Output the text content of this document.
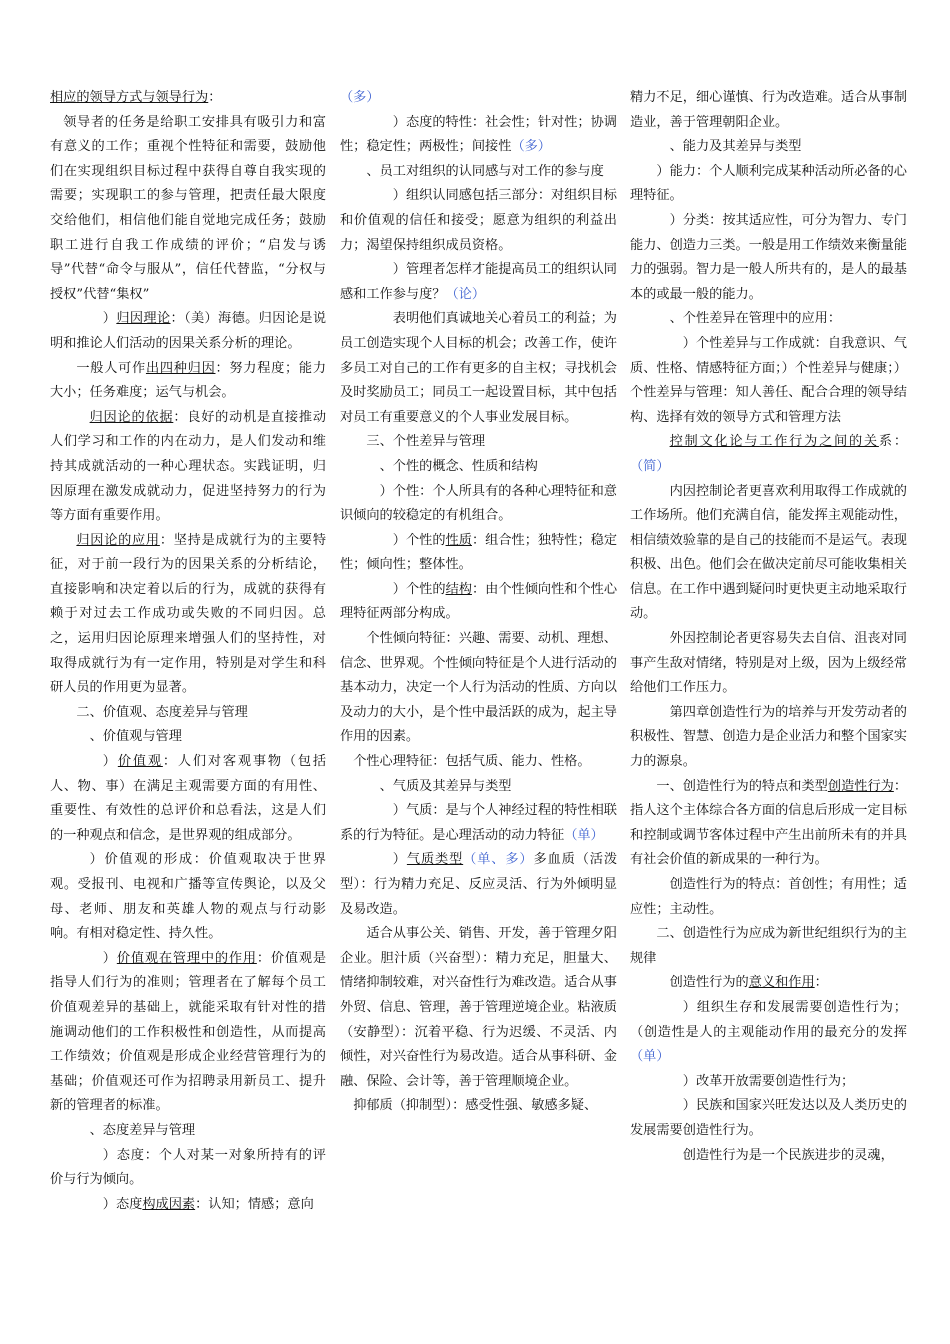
相应的领导方式与领导行为：

领导者的任务是给职工安排具有吸引力和富有意义的工作；重视个性特征和需要，鼓励他们在实现组织目标过程中获得自尊自我实现的需要；实现职工的参与管理，把责任最大限度交给他们，相信他们能自觉地完成任务；鼓励职工进行自我工作成绩的评价；“启发与诱导”代替“命令与服从”，信任代替监，“分权与授权”代替“集权”

）归因理论：（美）海德。归因论是说明和推论人们活动的因果关系分析的理论。

一般人可作出四种归因：努力程度；能力大小；任务难度；运气与机会。

归因论的依据：良好的动机是直接推动人们学习和工作的内在动力，是人们发动和维持其成就活动的一种心理状态。实践证明，归因原理在激发成就动力，促进坚持努力的行为等方面有重要作用。

归因论的应用：坚持是成就行为的主要特征，对于前一段行为的因果关系的分析结论，直接影响和决定着以后的行为，成就的获得有赖于对过去工作成功或失败的不同归因。总之，运用归因论原理来增强人们的坚持性，对取得成就行为有一定作用，特别是对学生和科研人员的作用更为显著。

二、价值观、态度差异与管理

、价值观与管理

）价值观：人们对客观事物（包括人、物、事）在满足主观需要方面的有用性、重要性、有效性的总评价和总看法，这是人们的一种观点和信念，是世界观的组成部分。

）价值观的形成：价值观取决于世界观。受报刊、电视和广播等宣传舆论，以及父母、老师、朋友和英雄人物的观点与行动影响。有相对稳定性、持久性。

）价值观在管理中的作用：价值观是指导人们行为的准则；管理者在了解每个员工价值观差异的基础上，就能采取有针对性的措施调动他们的工作积极性和创造性，从而提高工作绩效；价值观是形成企业经营管理行为的基础；价值观还可作为招聘录用新员工、提升新的管理者的标准。

、态度差异与管理

）态度：个人对某一对象所持有的评价与行为倾向。

）态度构成因素：认知；情感；意向

（多）

）态度的特性：社会性；针对性；协调性；稳定性；两极性；间接性（多）

、员工对组织的认同感与对工作的参与度

）组织认同感包括三部分：对组织目标和价值观的信任和接受；愿意为组织的利益出力；渴望保持组织成员资格。

）管理者怎样才能提高员工的组织认同感和工作参与度？（论）

表明他们真诚地关心着员工的利益；为员工创造实现个人目标的机会；改善工作，使许多员工对自己的工作有更多的自主权；寻找机会及时奖励员工；同员工一起设置目标，其中包括对员工有重要意义的个人事业发展目标。

三、个性差异与管理

、个性的概念、性质和结构

）个性：个人所具有的各种心理特征和意识倾向的较稳定的有机组合。

）个性的性质：组合性；独特性；稳定性；倾向性；整体性。

）个性的结构：由个性倾向性和个性心理特征两部分构成。

个性倾向特征：兴趣、需要、动机、理想、信念、世界观。个性倾向特征是个人进行活动的基本动力，决定一个人行为活动的性质、方向以及动力的大小，是个性中最活跃的成为，起主导作用的因素。

个性心理特征：包括气质、能力、性格。

、气质及其差异与类型

）气质：是与个人神经过程的特性相联系的行为特征。是心理活动的动力特征（单）

）气质类型（单、多）多血质（活泼型）：行为精力充足、反应灵活、行为外倾明显及易改造。

适合从事公关、销售、开发，善于管理夕阳企业。胆汁质（兴奋型）：精力充足，胆量大、情绪抑制较难，对兴奋性行为难改造。适合从事外贸、信息、管理，善于管理逆境企业。粘液质（安静型）：沉着平稳、行为迟缓、不灵活、内倾性，对兴奋性行为易改造。适合从事科研、金融、保险、会计等，善于管理顺境企业。

抑郁质（抑制型）：感受性强、敏感多疑、

精力不足，细心谨慎、行为改造难。适合从事制造业，善于管理朝阳企业。

、能力及其差异与类型

）能力：个人顺利完成某种活动所必备的心理特征。

）分类：按其适应性，可分为智力、专门能力、创造力三类。一般是用工作绩效来衡量能力的强弱。智力是一般人所共有的，是人的最基本的或最一般的能力。

、个性差异在管理中的应用：

）个性差异与工作成就：自我意识、气质、性格、情感特征方面；）个性差异与健康；）个性差异与管理：知人善任、配合合理的领导结构、选择有效的领导方式和管理方法

控制文化论与工作行为之间的关系：（简）

内因控制论者更喜欢利用取得工作成就的工作场所。他们充满自信，能发挥主观能动性，相信绩效验靠的是自己的技能而不是运气。表现积极、出色。他们会在做决定前尽可能收集相关信息。在工作中遇到疑问时更快更主动地采取行动。

外因控制论者更容易失去自信、沮丧对同事产生敌对情绪，特别是对上级，因为上级经常给他们工作压力。

第四章创造性行为的培养与开发劳动者的积极性、智慧、创造力是企业活力和整个国家实力的源泉。

一、创造性行为的特点和类型创造性行为：指人这个主体综合各方面的信息后形成一定目标和控制或调节客体过程中产生出前所未有的并具有社会价值的新成果的一种行为。

创造性行为的特点：首创性；有用性；适应性；主动性。

二、创造性行为应成为新世纪组织行为的主规律

创造性行为的意义和作用：

）组织生存和发展需要创造性行为；（创造性是人的主观能动作用的最充分的发挥（单）

）改革开放需要创造性行为；

）民族和国家兴旺发达以及人类历史的发展需要创造性行为。

创造性行为是一个民族进步的灵魂，
